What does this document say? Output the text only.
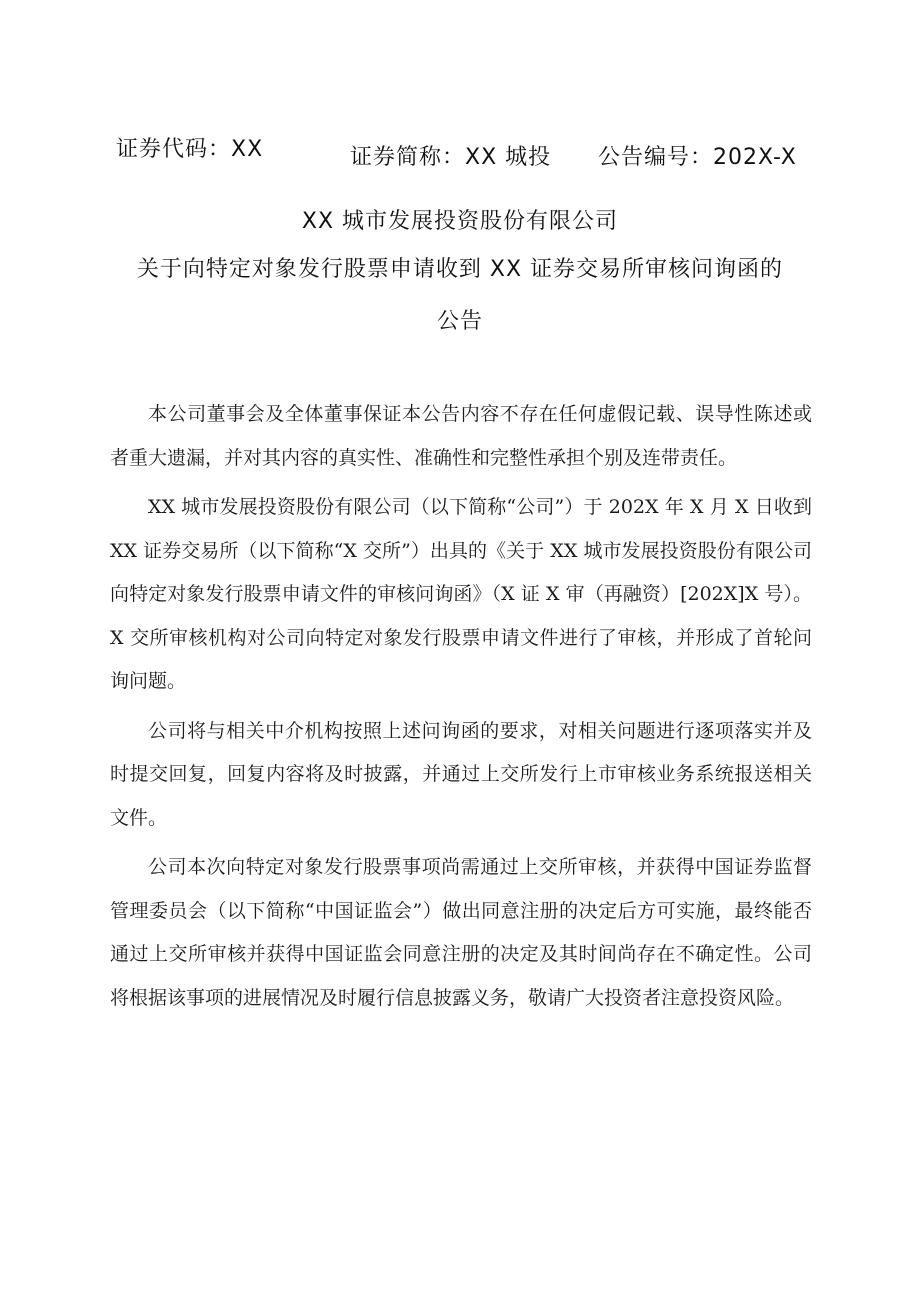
证券代码：XX	证券简称：XX 城投 公告编号：202X-X
XX 城市发展投资股份有限公司
关于向特定对象发行股票申请收到 XX 证券交易所审核问询函的
公告

本公司董事会及全体董事保证本公告内容不存在任何虚假记载、误导性陈述或者重大遗漏，并对其内容的真实性、准确性和完整性承担个别及连带责任。

XX 城市发展投资股份有限公司（以下简称“公司”）于 202X 年 X 月 X 日收到 XX 证券交易所（以下简称“X 交所”）出具的《关于 XX 城市发展投资股份有限公司向特定对象发行股票申请文件的审核问询函》（X 证 X 审（再融资）[202X]X 号）。X 交所审核机构对公司向特定对象发行股票申请文件进行了审核，并形成了首轮问询问题。

公司将与相关中介机构按照上述问询函的要求，对相关问题进行逐项落实并及时提交回复，回复内容将及时披露，并通过上交所发行上市审核业务系统报送相关文件。

公司本次向特定对象发行股票事项尚需通过上交所审核，并获得中国证券监督管理委员会（以下简称“中国证监会”）做出同意注册的决定后方可实施，最终能否通过上交所审核并获得中国证监会同意注册的决定及其时间尚存在不确定性。公司将根据该事项的进展情况及时履行信息披露义务，敬请广大投资者注意投资风险。
